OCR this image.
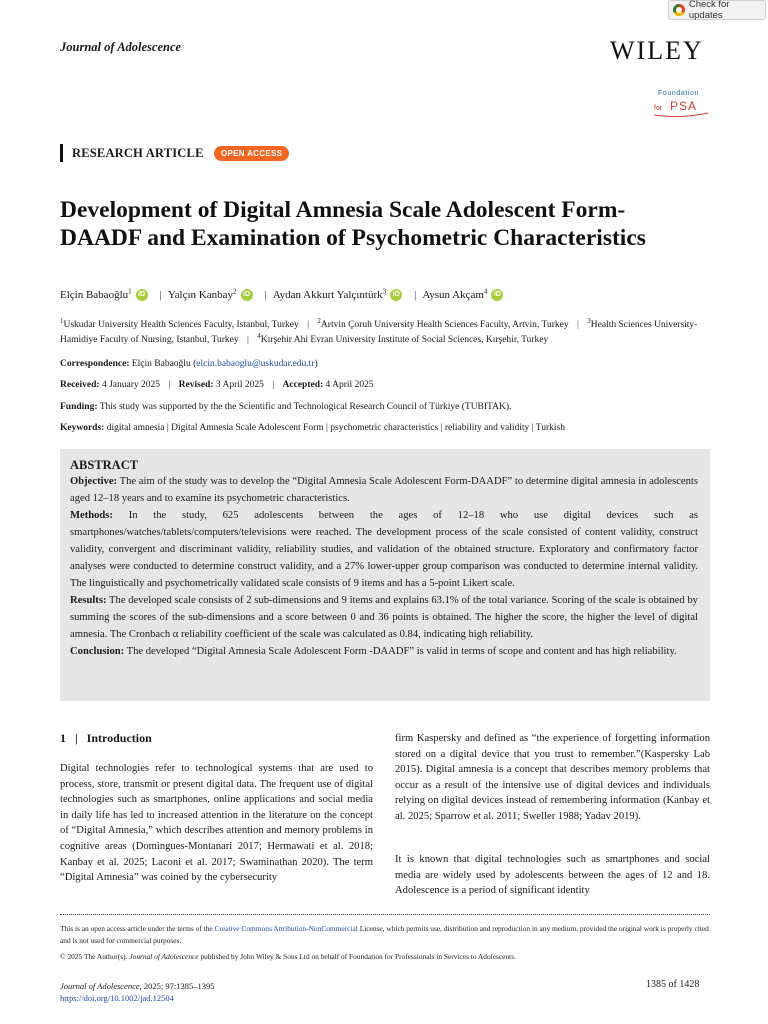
Check for updates
Journal of Adolescence	WILEY
Foundation
for PSA
RESEARCH ARTICLE	OPEN ACCESS
Development of Digital Amnesia Scale Adolescent Form-DAADF and Examination of Psychometric Characteristics
Elçin Babaoğlu$^1$ iD | Yalçın Kanbay$^2$ iD | Aydan Akkurt Yalçıntürk$^3$ iD | Aysun Akçam$^4$ iD
$^1$Uskudar University Health Sciences Faculty, Istanbul, Turkey | $^2$Artvin Çoruh University Health Sciences Faculty, Artvin, Turkey | $^3$Health Sciences University-Hamidiye Faculty of Nursing, Istanbul, Turkey | $^4$Kırşehir Ahi Evran University Institute of Social Sciences, Kırşehir, Turkey
Correspondence: Elçin Babaoğlu (elcin.babaoglu@uskudar.edu.tr)
Received: 4 January 2025 | Revised: 3 April 2025 | Accepted: 4 April 2025
Funding: This study was supported by the the Scientific and Technological Research Council of Türkiye (TUBITAK).
Keywords: digital amnesia | Digital Amnesia Scale Adolescent Form | psychometric characteristics | reliability and validity | Turkish

ABSTRACT

Objective: The aim of the study was to develop the “Digital Amnesia Scale Adolescent Form-DAADF” to determine digital amnesia in adolescents aged 12–18 years and to examine its psychometric characteristics.

Methods: In the study, 625 adolescents between the ages of 12–18 who use digital devices such as smartphones/watches/tablets/computers/televisions were reached. The development process of the scale consisted of content validity, construct validity, convergent and discriminant validity, reliability studies, and validation of the obtained structure. Exploratory and confirmatory factor analyses were conducted to determine construct validity, and a 27% lower-upper group comparison was conducted to determine internal validity. The linguistically and psychometrically validated scale consists of 9 items and has a 5-point Likert scale.

Results: The developed scale consists of 2 sub-dimensions and 9 items and explains 63.1% of the total variance. Scoring of the scale is obtained by summing the scores of the sub-dimensions and a score between 0 and 36 points is obtained. The higher the score, the higher the level of digital amnesia. The Cronbach α reliability coefficient of the scale was calculated as 0.84, indicating high reliability.

Conclusion: The developed “Digital Amnesia Scale Adolescent Form -DAADF” is valid in terms of scope and content and has high reliability.

1 | Introduction

Digital technologies refer to technological systems that are used to process, store, transmit or present digital data. The frequent use of digital technologies such as smartphones, online applications and social media in daily life has led to increased attention in the literature on the concept of “Digital Amnesia,” which describes attention and memory problems in cognitive areas (Domingues-Montanari 2017; Hermawati et al. 2018; Kanbay et al. 2025; Laconi et al. 2017; Swaminathan 2020). The term “Digital Amnesia” was coined by the cybersecurity

firm Kaspersky and defined as “the experience of forgetting information stored on a digital device that you trust to remember.”(Kaspersky Lab 2015). Digital amnesia is a concept that describes memory problems that occur as a result of the intensive use of digital devices and individuals relying on digital devices instead of remembering information (Kanbay et al. 2025; Sparrow et al. 2011; Sweller 1988; Yadav 2019).

It is known that digital technologies such as smartphones and social media are widely used by adolescents between the ages of 12 and 18. Adolescence is a period of significant identity

This is an open access article under the terms of the Creative Commons Attribution-NonCommercial License, which permits use, distribution and reproduction in any medium, provided the original work is properly cited and is not used for commercial purposes.
© 2025 The Author(s). Journal of Adolescence published by John Wiley & Sons Ltd on behalf of Foundation for Professionals in Services to Adolescents.
Journal of Adolescence, 2025; 97:1385–1395
https://doi.org/10.1002/jad.12504
1385 of 1428
